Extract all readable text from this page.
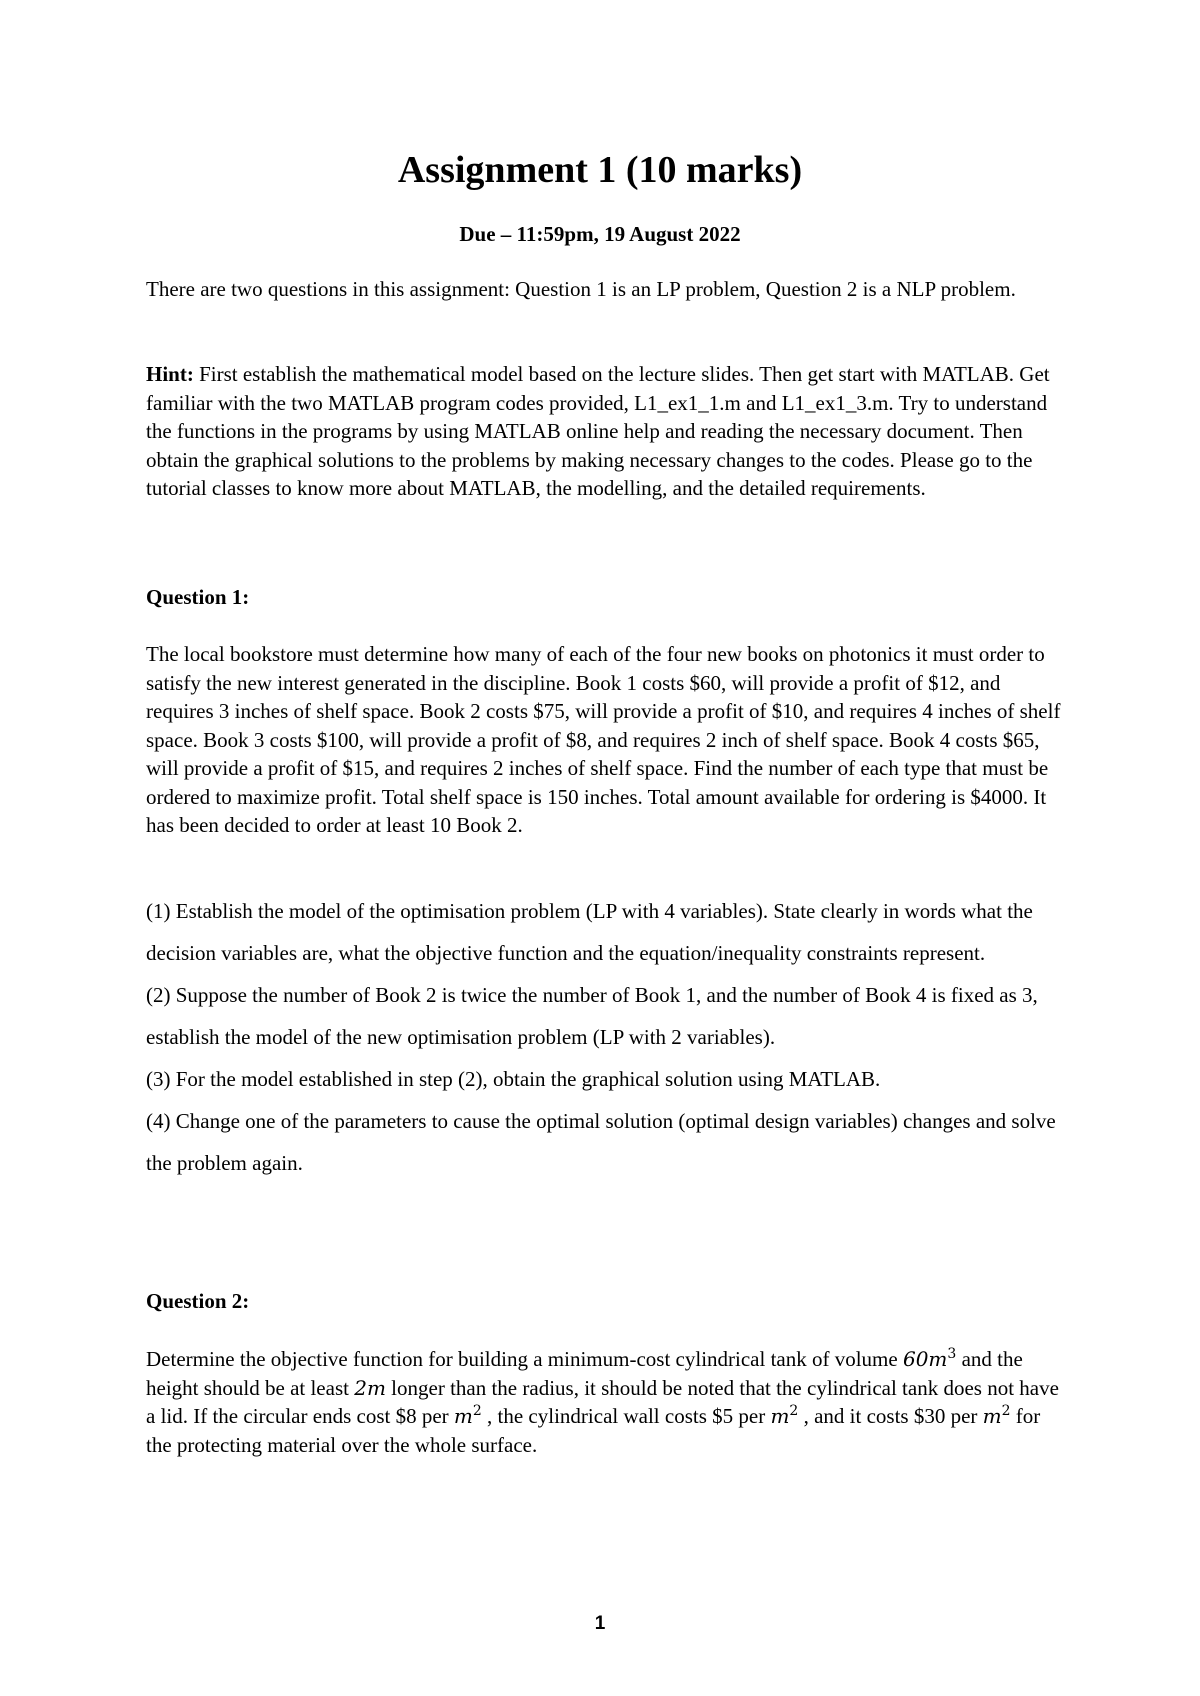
Assignment 1 (10 marks)
Due – 11:59pm, 19 August 2022

There are two questions in this assignment: Question 1 is an LP problem, Question 2 is a NLP problem.

Hint: First establish the mathematical model based on the lecture slides. Then get start with MATLAB. Get familiar with the two MATLAB program codes provided, L1_ex1_1.m and L1_ex1_3.m. Try to understand the functions in the programs by using MATLAB online help and reading the necessary document. Then obtain the graphical solutions to the problems by making necessary changes to the codes. Please go to the tutorial classes to know more about MATLAB, the modelling, and the detailed requirements.

Question 1:

The local bookstore must determine how many of each of the four new books on photonics it must order to satisfy the new interest generated in the discipline. Book 1 costs $60, will provide a profit of $12, and requires 3 inches of shelf space. Book 2 costs $75, will provide a profit of $10, and requires 4 inches of shelf space. Book 3 costs $100, will provide a profit of $8, and requires 2 inch of shelf space. Book 4 costs $65, will provide a profit of $15, and requires 2 inches of shelf space. Find the number of each type that must be ordered to maximize profit. Total shelf space is 150 inches. Total amount available for ordering is $4000. It has been decided to order at least 10 Book 2.

(1) Establish the model of the optimisation problem (LP with 4 variables). State clearly in words what the decision variables are, what the objective function and the equation/inequality constraints represent.
(2) Suppose the number of Book 2 is twice the number of Book 1, and the number of Book 4 is fixed as 3, establish the model of the new optimisation problem (LP with 2 variables).
(3) For the model established in step (2), obtain the graphical solution using MATLAB.
(4) Change one of the parameters to cause the optimal solution (optimal design variables) changes and solve the problem again.

Question 2:

Determine the objective function for building a minimum-cost cylindrical tank of volume $60m^3$ and the height should be at least 2m longer than the radius, it should be noted that the cylindrical tank does not have a lid. If the circular ends cost $8 per $m^2$ , the cylindrical wall costs $5 per $m^2$ , and it costs $30 per $m^2$ for the protecting material over the whole surface.

1
